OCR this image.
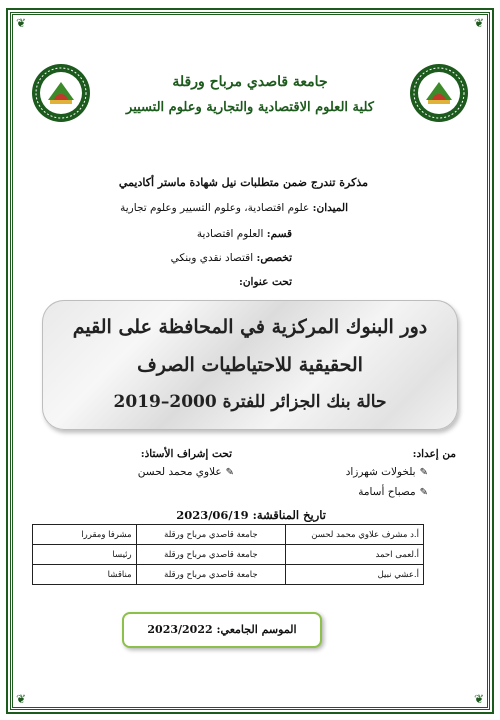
❦	❦
❦	❦
جامعة قاصدي مرباح ورقلة
كلية العلوم الاقتصادية والتجارية وعلوم التسيير
مذكرة تندرج ضمن متطلبات نيل شهادة ماستر أكاديمي
الميدان: علوم اقتصادية، وعلوم التسيير وعلوم تجارية
قسم: العلوم اقتصادية
تخصص: اقتصاد نقدي وبنكي
تحت عنوان:
دور البنوك المركزية في المحافظة على القيم
الحقيقية للاحتياطيات الصرف
حالة بنك الجزائر للفترة 2000–2019
من إعداد:
✎بلخولات شهرزاد
✎مصباح أسامة
تحت إشراف الأستاذ:
✎علاوي محمد لحسن
تاريخ المناقشة: 2023/06/19
أ.د مشرف علاوي محمد لحسن	جامعة قاصدي مرباح ورقلة	مشرفا ومقررا
أ.لعمى احمد	جامعة قاصدي مرباح ورقلة	رئيسا
أ.عشي نبيل	جامعة قاصدي مرباح ورقلة	مناقشا
الموسم الجامعي: 2023/2022
